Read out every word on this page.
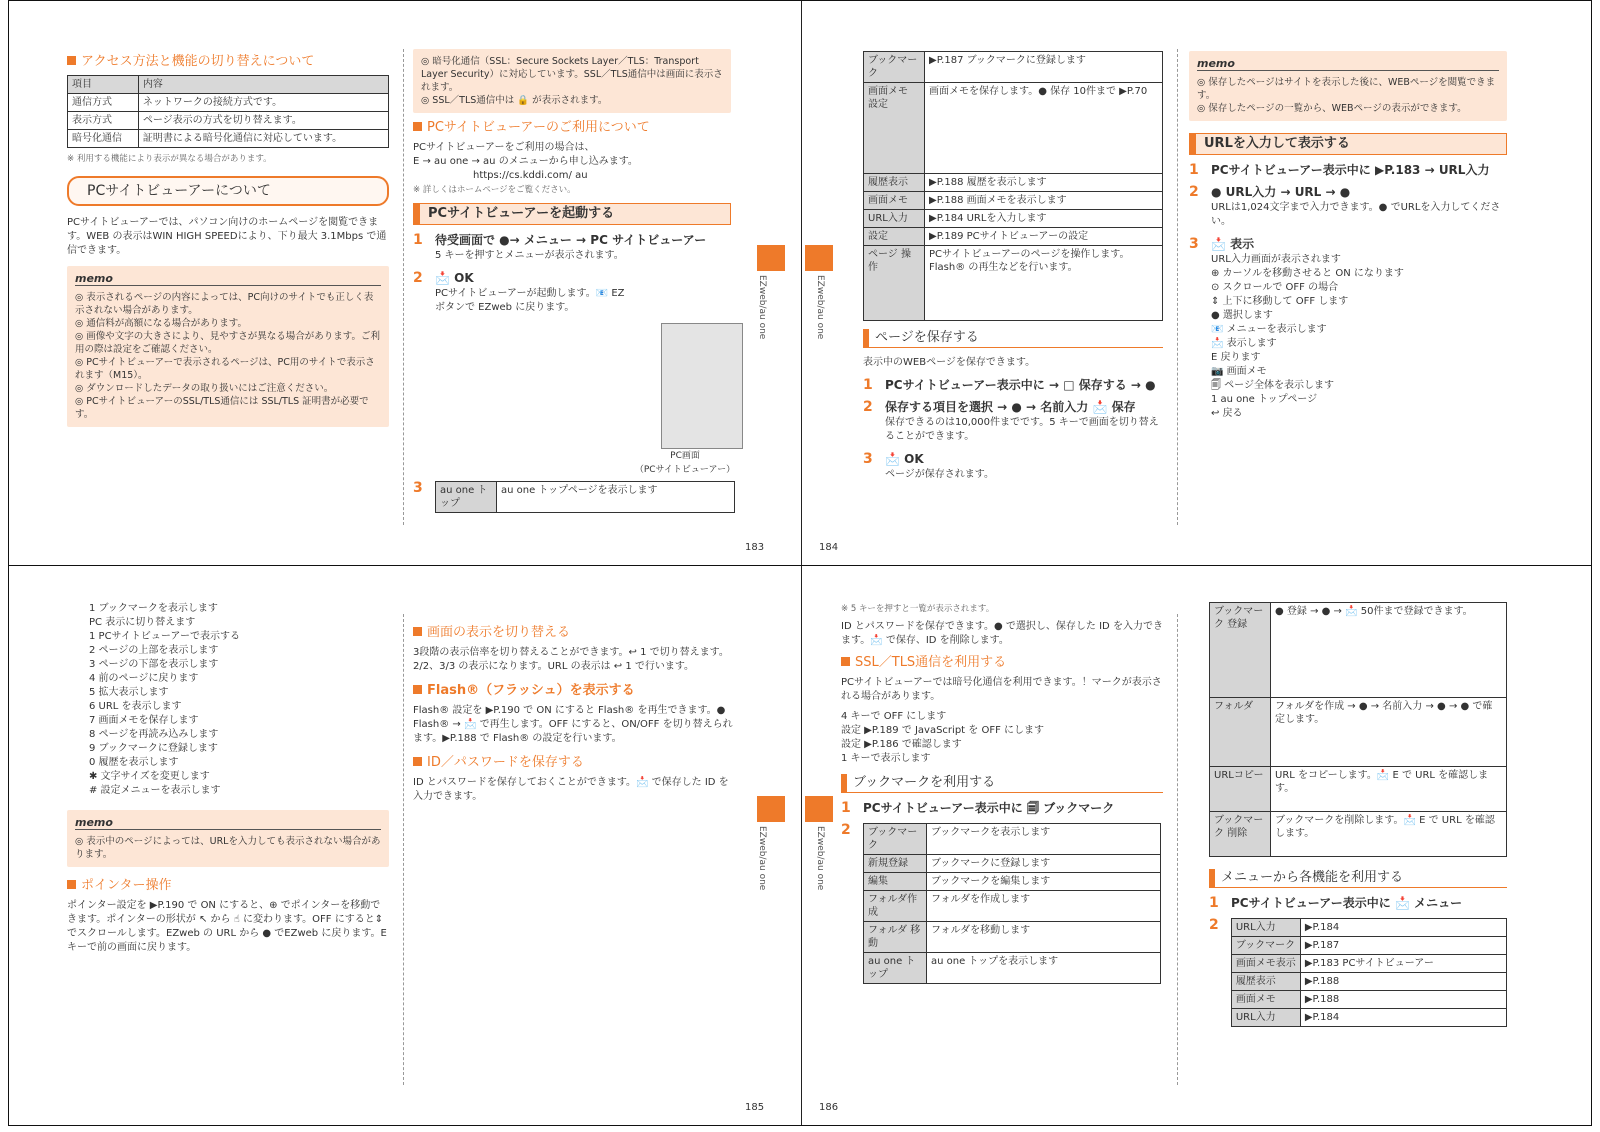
アクセス方法と機能の切り替えについて
項目	内容
通信方式	ネットワークの接続方式です。
表示方式	ページ表示の方式を切り替えます。
暗号化通信	証明書による暗号化通信に対応しています。
※ 利用する機能により表示が異なる場合があります。
PCサイトビューアーについて
PCサイトビューアーでは、パソコン向けのホームページを閲覧できます。WEB の表示はWIN HIGH SPEEDにより、下り最大 3.1Mbps で通信できます。
memo
◎ 表示されるページの内容によっては、PC向けのサイトでも正しく表示されない場合があります。
◎ 通信料が高額になる場合があります。
◎ 画像や文字の大きさにより、見やすさが異なる場合があります。ご利用の際は設定をご確認ください。
◎ PCサイトビューアーで表示されるページは、PC用のサイトで表示されます（M15）。
◎ ダウンロードしたデータの取り扱いにはご注意ください。
◎ PCサイトビューアーのSSL/TLS通信には SSL/TLS 証明書が必要です。
◎ 暗号化通信（SSL：Secure Sockets Layer／TLS：Transport Layer Security）に対応しています。SSL／TLS通信中は画面に表示されます。
◎ SSL／TLS通信中は 🔒 が表示されます。
PCサイトビューアーのご利用について
PCサイトビューアーをご利用の場合は、
E → au one → au のメニューから申し込みます。
https://cs.kddi.com/ au
※ 詳しくはホームページをご覧ください。
PCサイトビューアーを起動する
1	待受画面で ●→ メニュー → PC サイトビューアー
5 キーを押すとメニューが表示されます。
2	📩 OK
PCサイトビューアーが起動します。📧 EZ ボタンで EZweb に戻ります。
PC画面
（PCサイトビューアー）
3	au one トップ	au one トップページを表示します
EZweb/au one
183
EZweb/au one
ブックマーク	▶P.187 ブックマークに登録します
画面メモ 設定	画面メモを保存します。● 保存 10件まで ▶P.70
履歴表示	▶P.188 履歴を表示します
画面メモ	▶P.188 画面メモを表示します
URL入力	▶P.184 URLを入力します
設定	▶P.189 PCサイトビューアーの設定
ページ 操作	PCサイトビューアーのページを操作します。Flash® の再生などを行います。
ページを保存する
表示中のWEBページを保存できます。
1	PCサイトビューアー表示中に → □ 保存する → ●
2	保存する項目を選択 → ● → 名前入力 📩 保存
保存できるのは10,000件までです。5 キーで画面を切り替えることができます。
3	📩 OK
ページが保存されます。
memo
◎ 保存したページはサイトを表示した後に、WEBページを閲覧できます。
◎ 保存したページの一覧から、WEBページの表示ができます。
URLを入力して表示する
1	PCサイトビューアー表示中に ▶P.183 → URL入力
2	● URL入力 → URL → ●
URLは1,024文字まで入力できます。● でURLを入力してください。
3	📩 表示
URL入力画面が表示されます
⊕ カーソルを移動させると ON になります
⊙ スクロールで OFF の場合
⇕ 上下に移動して OFF します
● 選択します
📧 メニューを表示します
📩 表示します
E 戻ります
📷 画面メモ
🗐 ページ全体を表示します
1 au one トップページ
↩ 戻る
184
1 ブックマークを表示します
PC 表示に切り替えます
1 PCサイトビューアーで表示する
2 ページの上部を表示します
3 ページの下部を表示します
4 前のページに戻ります
5 拡大表示します
6 URL を表示します
7 画面メモを保存します
8 ページを再読み込みします
9 ブックマークに登録します
0 履歴を表示します
✱ 文字サイズを変更します
# 設定メニューを表示します
memo
◎ 表示中のページによっては、URLを入力しても表示されない場合があります。
ポインター操作
ポインター設定を ▶P.190 で ON にすると、⊕ でポインターを移動できます。ポインターの形状が ↖ から ☝ に変わります。OFF にすると⇕でスクロールします。EZweb の URL から ● でEZweb に戻ります。E キーで前の画面に戻ります。
画面の表示を切り替える
3段階の表示倍率を切り替えることができます。↩ 1 で切り替えます。2/2、3/3 の表示になります。URL の表示は ↩ 1 で行います。
Flash®（フラッシュ）を表示する
Flash® 設定を ▶P.190 で ON にすると Flash® を再生できます。● Flash® → 📩 で再生します。OFF にすると、ON/OFF を切り替えられます。▶P.188 で Flash® の設定を行います。
ID／パスワードを保存する
ID とパスワードを保存しておくことができます。📩 で保存した ID を入力できます。
EZweb/au one
185
EZweb/au one
※ 5 キーを押すと一覧が表示されます。
ID とパスワードを保存できます。● で選択し、保存した ID を入力できます。📩 で保存、ID を削除します。
SSL／TLS通信を利用する
PCサイトビューアーでは暗号化通信を利用できます。！マークが表示される場合があります。
4 キーで OFF にします
設定 ▶P.189 で JavaScript を OFF にします
設定 ▶P.186 で確認します
1 キーで表示します
ブックマークを利用する
1	PCサイトビューアー表示中に 🗐 ブックマーク
2	ブックマーク	ブックマークを表示します
新規登録	ブックマークに登録します
編集	ブックマークを編集します
フォルダ作成	フォルダを作成します
フォルダ 移動	フォルダを移動します
au one トップ	au one トップを表示します
ブックマーク 登録	● 登録 → ● → 📩 50件まで登録できます。
フォルダ	フォルダを作成 → ● → 名前入力 → ● → ● で確定します。
URLコピー	URL をコピーします。📩 E で URL を確認します。
ブックマーク 削除	ブックマークを削除します。📩 E で URL を確認します。
メニューから各機能を利用する
1	PCサイトビューアー表示中に 📩 メニュー
2	URL入力	▶P.184
ブックマーク	▶P.187
画面メモ表示	▶P.183 PCサイトビューアー
履歴表示	▶P.188
画面メモ	▶P.188
URL入力	▶P.184
186
